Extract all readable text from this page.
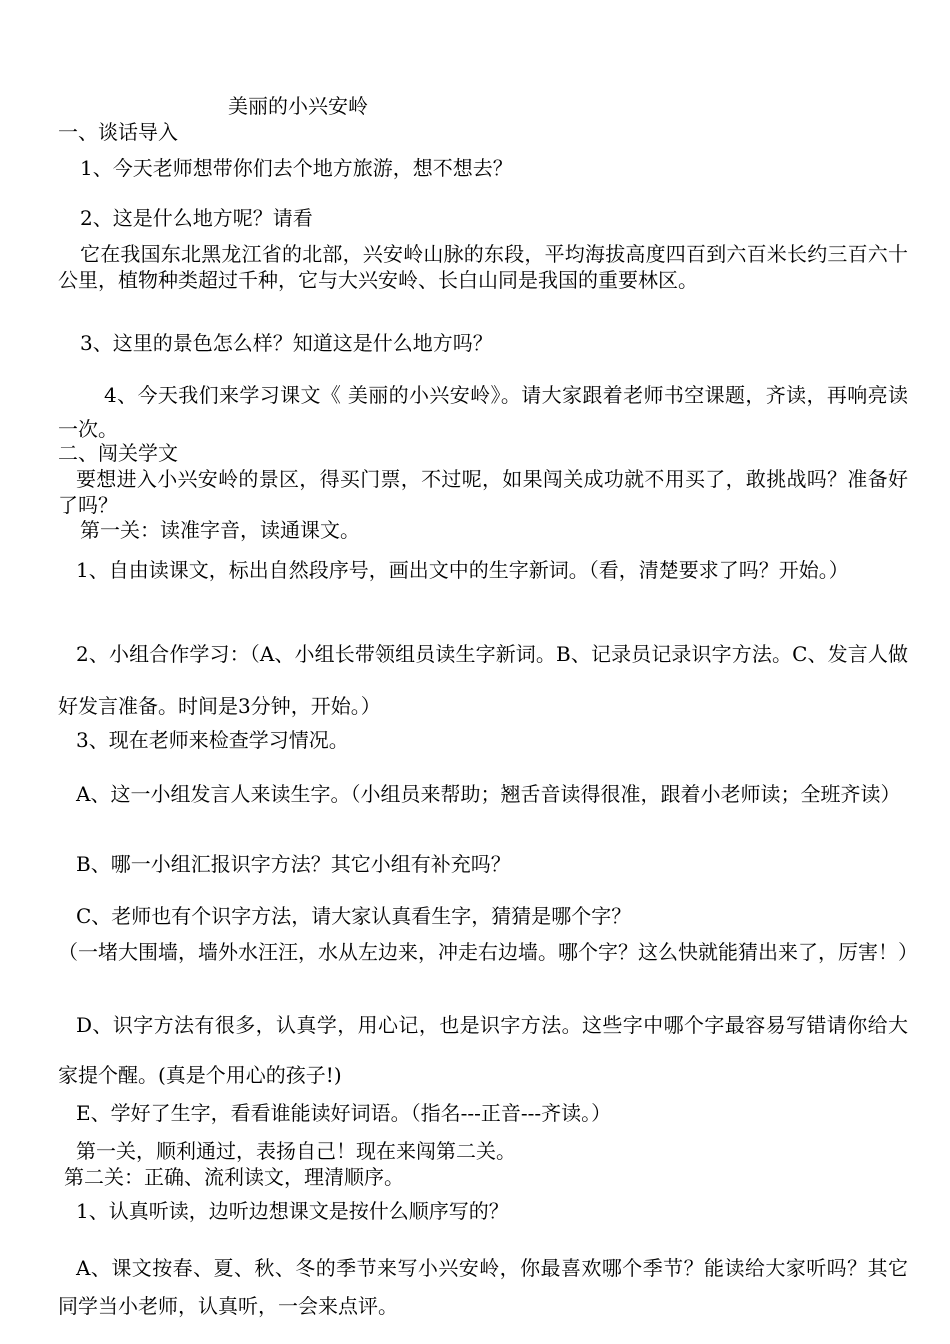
美丽的小兴安岭
一、谈话导入
1、今天老师想带你们去个地方旅游，想不想去？
2、这是什么地方呢？请看
它在我国东北黑龙江省的北部，兴安岭山脉的东段，平均海拔高度四百到六百米长约三百六十公里，植物种类超过千种，它与大兴安岭、长白山同是我国的重要林区。
3、这里的景色怎么样？知道这是什么地方吗？
4、今天我们来学习课文《 美丽的小兴安岭》。请大家跟着老师书空课题，齐读，再响亮读一次。
二、闯关学文
要想进入小兴安岭的景区，得买门票，不过呢，如果闯关成功就不用买了，敢挑战吗？准备好了吗？
第一关：读准字音，读通课文。
1、自由读课文，标出自然段序号，画出文中的生字新词。（看，清楚要求了吗？开始。）
2、小组合作学习：（A、小组长带领组员读生字新词。B、记录员记录识字方法。C、发言人做好发言准备。时间是3分钟，开始。）
3、现在老师来检查学习情况。
A、这一小组发言人来读生字。（小组员来帮助；翘舌音读得很准，跟着小老师读；全班齐读）
B、哪一小组汇报识字方法？其它小组有补充吗？
C、老师也有个识字方法，请大家认真看生字，猜猜是哪个字？
（一堵大围墙，墙外水汪汪，水从左边来，冲走右边墙。哪个字？这么快就能猜出来了，厉害！）
D、识字方法有很多，认真学，用心记，也是识字方法。这些字中哪个字最容易写错请你给大家提个醒。(真是个用心的孩子!)
E、学好了生字，看看谁能读好词语。（指名---正音---齐读。）
第一关，顺利通过，表扬自己！现在来闯第二关。
第二关：正确、流利读文，理清顺序。
1、认真听读，边听边想课文是按什么顺序写的？
A、课文按春、夏、秋、冬的季节来写小兴安岭，你最喜欢哪个季节？能读给大家听吗？其它同学当小老师，认真听，一会来点评。
